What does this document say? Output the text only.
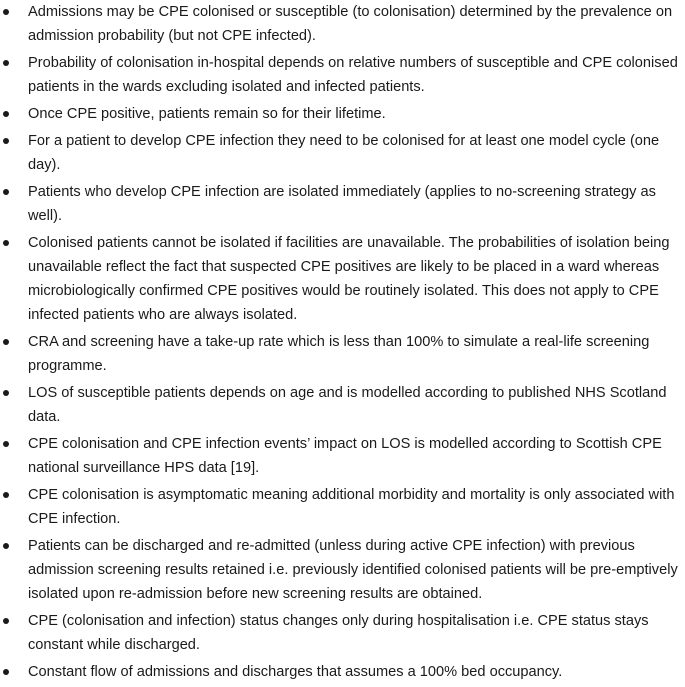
Admissions may be CPE colonised or susceptible (to colonisation) determined by the prevalence on admission probability (but not CPE infected).
Probability of colonisation in-hospital depends on relative numbers of susceptible and CPE colonised patients in the wards excluding isolated and infected patients.
Once CPE positive, patients remain so for their lifetime.
For a patient to develop CPE infection they need to be colonised for at least one model cycle (one day).
Patients who develop CPE infection are isolated immediately (applies to no-screening strategy as well).
Colonised patients cannot be isolated if facilities are unavailable. The probabilities of isolation being unavailable reflect the fact that suspected CPE positives are likely to be placed in a ward whereas microbiologically confirmed CPE positives would be routinely isolated. This does not apply to CPE infected patients who are always isolated.
CRA and screening have a take-up rate which is less than 100% to simulate a real-life screening programme.
LOS of susceptible patients depends on age and is modelled according to published NHS Scotland data.
CPE colonisation and CPE infection events’ impact on LOS is modelled according to Scottish CPE national surveillance HPS data [19].
CPE colonisation is asymptomatic meaning additional morbidity and mortality is only associated with CPE infection.
Patients can be discharged and re-admitted (unless during active CPE infection) with previous admission screening results retained i.e. previously identified colonised patients will be pre-emptively isolated upon re-admission before new screening results are obtained.
CPE (colonisation and infection) status changes only during hospitalisation i.e. CPE status stays constant while discharged.
Constant flow of admissions and discharges that assumes a 100% bed occupancy.
